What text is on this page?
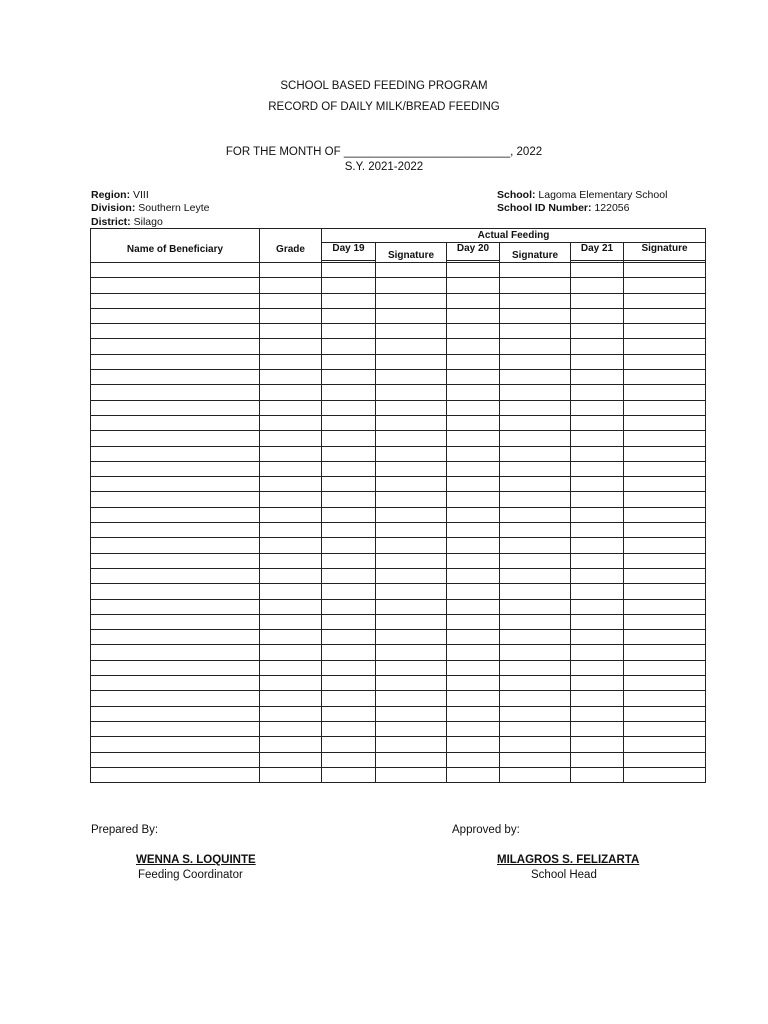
SCHOOL BASED FEEDING PROGRAM
RECORD OF DAILY MILK/BREAD FEEDING
FOR THE MONTH OF __________________________, 2022
S.Y. 2021-2022
Region: VIII
Division: Southern Leyte
District: Silago
School: Lagoma Elementary School
School ID Number: 122056
Name of Beneficiary	Grade	Actual Feeding					
		Day 19	Signature	Day 20	Signature	Day 21	Signature

Prepared By:	Approved by:
WENNA S. LOQUINTE
Feeding Coordinator
MILAGROS S. FELIZARTA
School Head
